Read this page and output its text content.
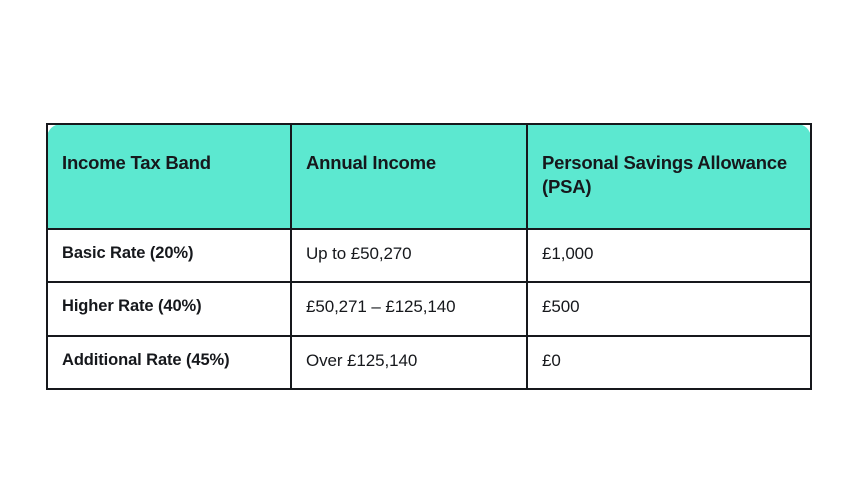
Income Tax Band	Annual Income	Personal Savings Allowance (PSA)
Basic Rate (20%)	Up to £50,270	£1,000
Higher Rate (40%)	£50,271 – £125,140	£500
Additional Rate (45%)	Over £125,140	£0
